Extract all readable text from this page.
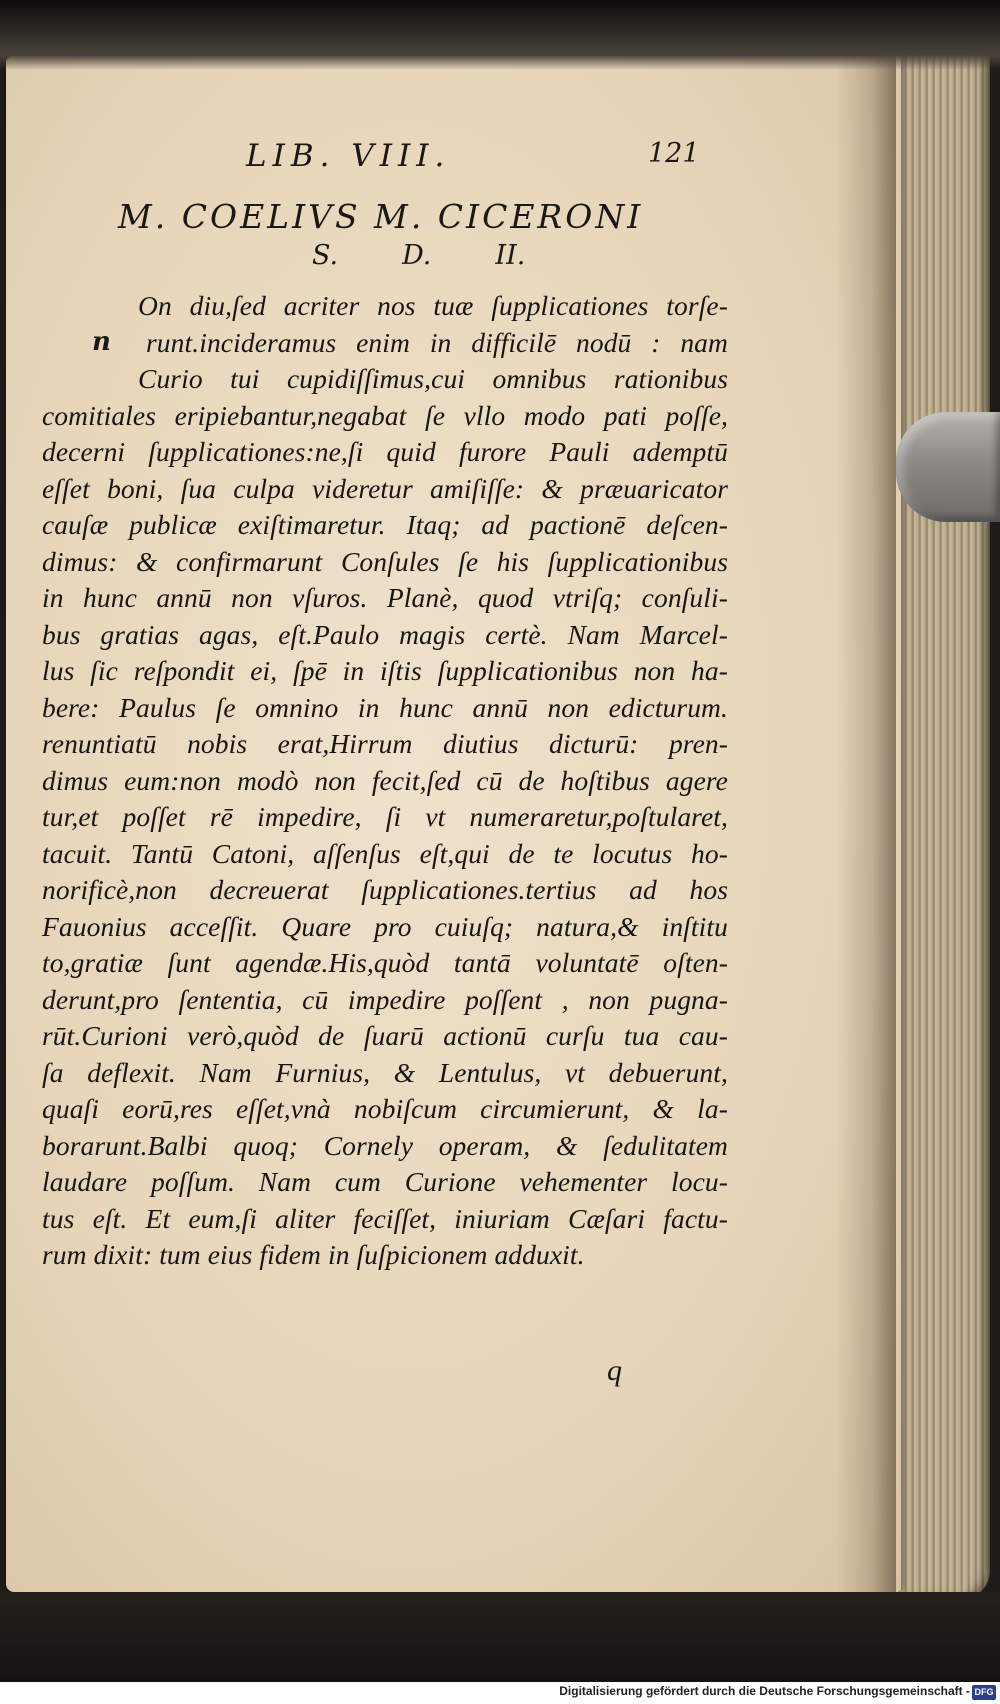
LIB. VIII.	121
M. COELIVS M. CICERONI
S. D. II.
n
On diu,ſed acriter nos tuæ ſupplicationes torſe-
runt.incideramus enim in difficilē nodū : nam
Curio tui cupidiſſimus,cui omnibus rationibus
comitiales eripiebantur,negabat ſe vllo modo pati poſſe,
decerni ſupplicationes:ne,ſi quid furore Pauli ademptū
eſſet boni, ſua culpa videretur amiſiſſe: & præuaricator
cauſæ publicæ exiſtimaretur. Itaq; ad pactionē deſcen-
dimus: & confirmarunt Conſules ſe his ſupplicationibus
in hunc annū non vſuros. Planè, quod vtriſq; conſuli-
bus gratias agas, eſt.Paulo magis certè. Nam Marcel-
lus ſic reſpondit ei, ſpē in iſtis ſupplicationibus non ha-
bere: Paulus ſe omnino in hunc annū non edicturum.
renuntiatū nobis erat,Hirrum diutius dicturū: pren-
dimus eum:non modò non fecit,ſed cū de hoſtibus agere
tur,et poſſet rē impedire, ſi vt numeraretur,poſtularet,
tacuit. Tantū Catoni, aſſenſus eſt,qui de te locutus ho-
norificè,non decreuerat ſupplicationes.tertius ad hos
Fauonius acceſſit. Quare pro cuiuſq; natura,& inſtitu
to,gratiæ ſunt agendæ.His,quòd tantā voluntatē oſten-
derunt,pro ſententia, cū impedire poſſent , non pugna-
rūt.Curioni verò,quòd de ſuarū actionū curſu tua cau-
ſa deflexit. Nam Furnius, & Lentulus, vt debuerunt,
quaſi eorū,res eſſet,vnà nobiſcum circumierunt, & la-
borarunt.Balbi quoq; Cornely operam, & ſedulitatem
laudare poſſum. Nam cum Curione vehementer locu-
tus eſt. Et eum,ſi aliter feciſſet, iniuriam Cæſari factu-
rum dixit: tum eius fidem in ſuſpicionem adduxit.
q
Digitalisierung gefördert durch die Deutsche Forschungsgemeinschaft - DFG
